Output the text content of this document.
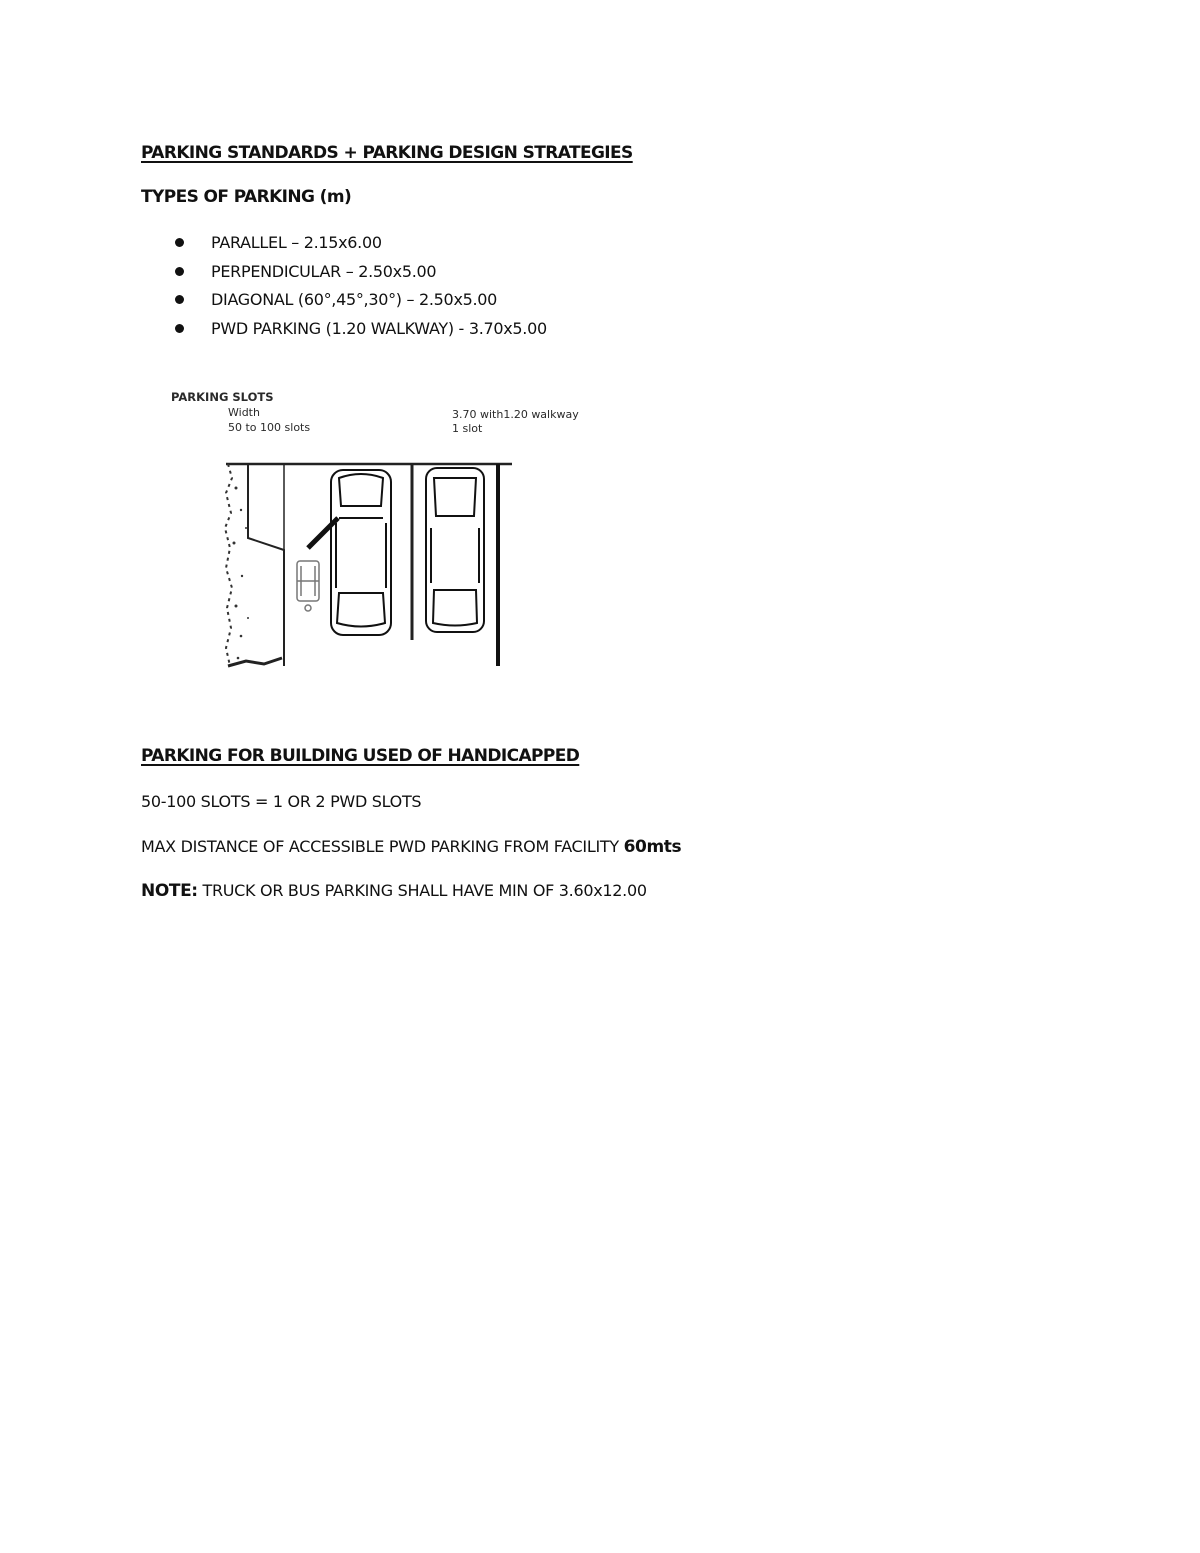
PARKING STANDARDS + PARKING DESIGN STRATEGIES
TYPES OF PARKING (m)
PARALLEL – 2.15x6.00
PERPENDICULAR – 2.50x5.00
DIAGONAL (60°,45°,30°) – 2.50x5.00
PWD PARKING (1.20 WALKWAY) - 3.70x5.00
PARKING SLOTS
Width
50 to 100 slots
3.70 with1.20 walkway
1 slot
PARKING FOR BUILDING USED OF HANDICAPPED
50-100 SLOTS = 1 OR 2 PWD SLOTS
MAX DISTANCE OF ACCESSIBLE PWD PARKING FROM FACILITY 60mts
NOTE: TRUCK OR BUS PARKING SHALL HAVE MIN OF 3.60x12.00
